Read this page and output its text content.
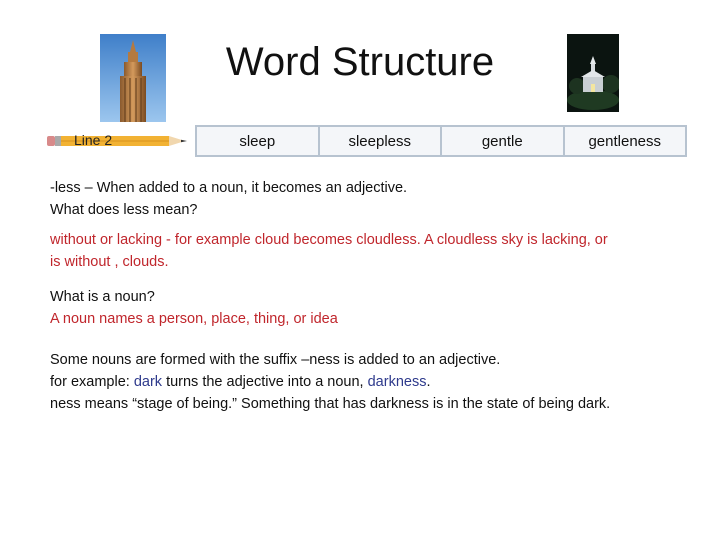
Word Structure
Line 2	sleep	sleepless	gentle	gentleness
-less – When added to a noun, it becomes an adjective.
What does less mean?
without or lacking - for example cloud becomes cloudless. A cloudless sky is lacking, or
is without , clouds.
What is a noun?
A noun names a person, place, thing, or idea
Some nouns are formed with the suffix –ness is added to an adjective.
for example: dark turns the adjective into a noun, darkness.
ness means “stage of being.” Something that has darkness is in the state of being dark.
